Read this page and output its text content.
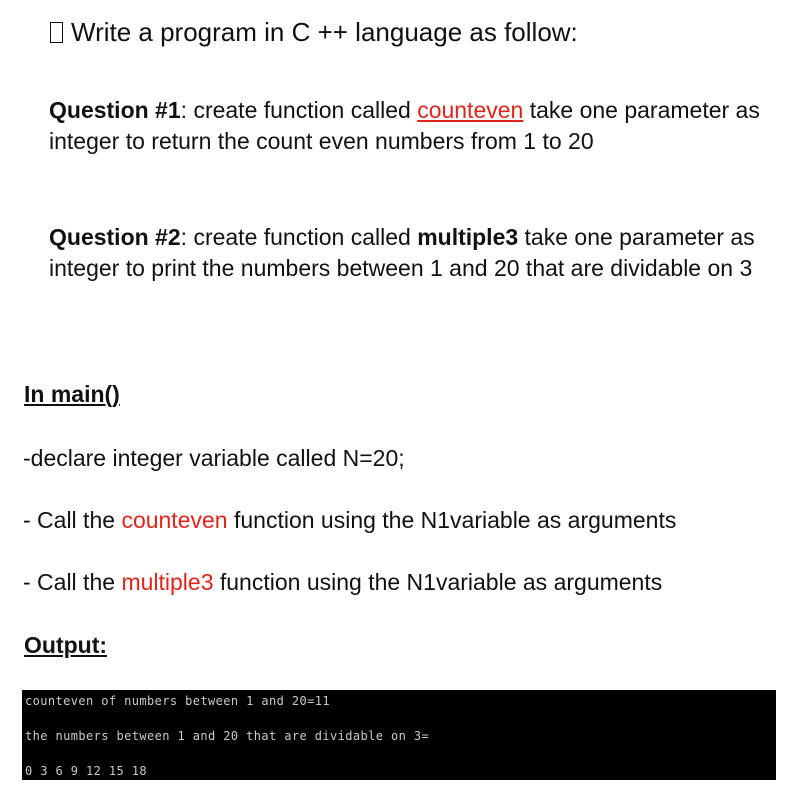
Write a program in C ++ language as follow:
Question #1: create function called counteven take one parameter as integer to return the count even numbers from 1 to 20
Question #2: create function called multiple3 take one parameter as integer to print the numbers between 1 and 20 that are dividable on 3
In main()
-declare integer variable called N=20;
- Call the counteven function using the N1variable as arguments
- Call the multiple3 function using the N1variable as arguments
Output:
counteven of numbers between 1 and 20=11
the numbers between 1 and 20 that are dividable on 3=
0 3 6 9 12 15 18
